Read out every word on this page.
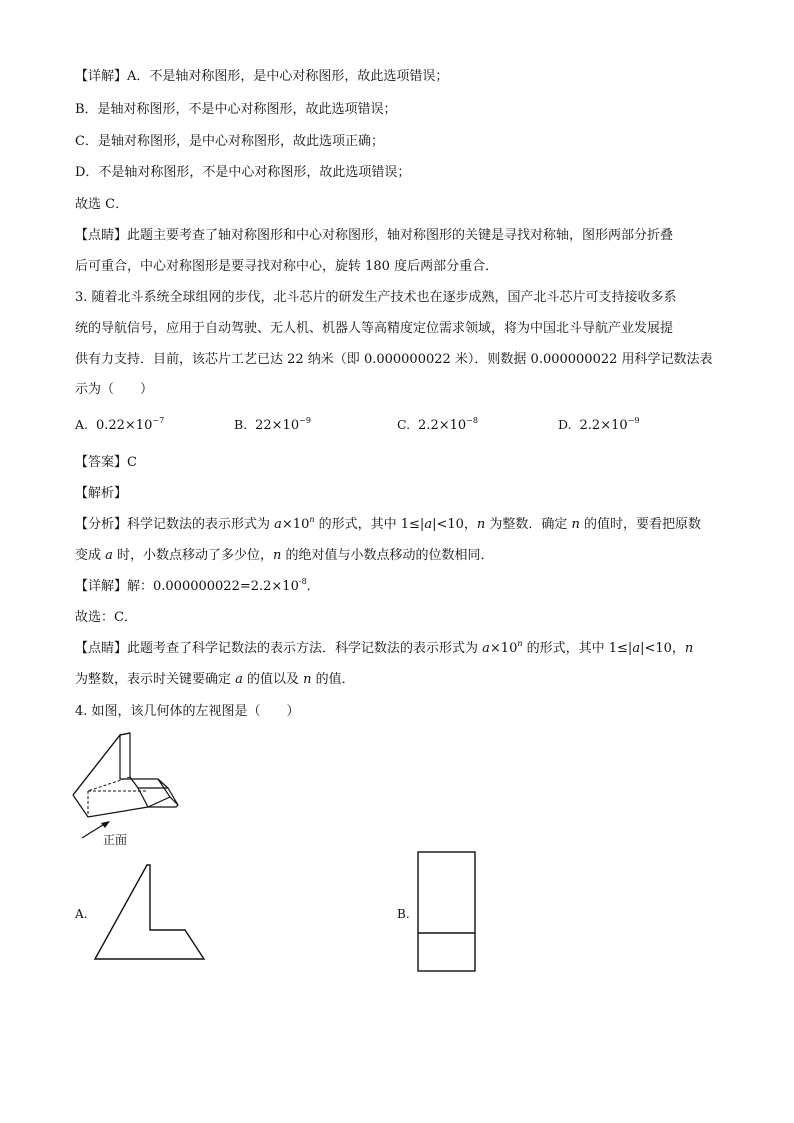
【详解】A．不是轴对称图形，是中心对称图形，故此选项错误；
B．是轴对称图形，不是中心对称图形，故此选项错误；
C．是轴对称图形，是中心对称图形，故此选项正确；
D．不是轴对称图形，不是中心对称图形，故此选项错误；
故选 C．
【点睛】此题主要考查了轴对称图形和中心对称图形，轴对称图形的关键是寻找对称轴，图形两部分折叠
后可重合，中心对称图形是要寻找对称中心，旋转 180 度后两部分重合．
3. 随着北斗系统全球组网的步伐，北斗芯片的研发生产技术也在逐步成熟，国产北斗芯片可支持接收多系
统的导航信号，应用于自动驾驶、无人机、机器人等高精度定位需求领域，将为中国北斗导航产业发展提
供有力支持．目前，该芯片工艺已达 22 纳米（即 0.000000022 米）．则数据 0.000000022 用科学记数法表
示为（　　）
A. $0.22\times 10^{-7}$	B. $22\times 10^{-9}$	C. $2.2\times 10^{-8}$	D. $2.2\times 10^{-9}$
【答案】C
【解析】
【分析】科学记数法的表示形式为 $a\times 10^n$ 的形式，其中 1≤|a|<10，n 为整数．确定 n 的值时，要看把原数
变成 a 时，小数点移动了多少位，n 的绝对值与小数点移动的位数相同．
【详解】解：$0.000000022=2.2\times 10^{-8}$．
故选：C．
【点睛】此题考查了科学记数法的表示方法．科学记数法的表示形式为 $a\times 10^n$ 的形式，其中 1≤|a|<10，n
为整数，表示时关键要确定 a 的值以及 n 的值．
4. 如图，该几何体的左视图是（　　）
正面
A.	B.
